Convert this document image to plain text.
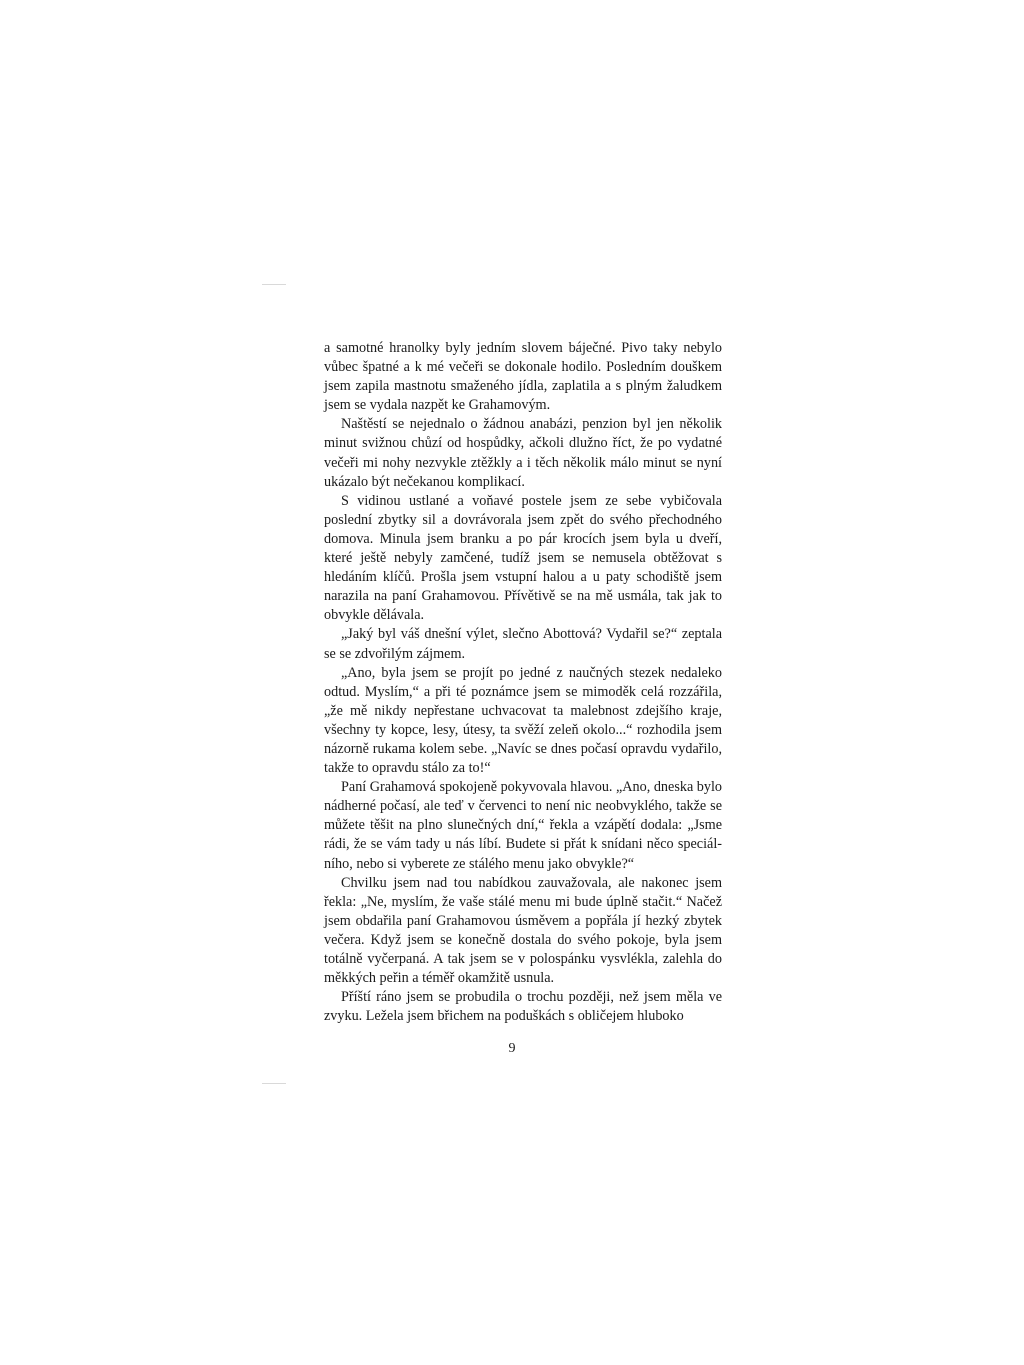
a samotné hranolky byly jedním slovem báječné. Pivo taky nebylo vůbec špatné a k mé večeři se dokonale hodilo. Posledním douškem jsem zapila mastnotu smaženého jídla, zaplatila a s plným žaludkem jsem se vydala nazpět ke Grahamovým.

Naštěstí se nejednalo o žádnou anabázi, penzion byl jen několik minut svižnou chůzí od hospůdky, ačkoli dlužno říct, že po vydatné večeři mi nohy nezvykle ztěžkly a i těch několik málo minut se nyní ukázalo být nečekanou komplikací.

S vidinou ustlané a voňavé postele jsem ze sebe vybičovala poslední zbytky sil a dovrávorala jsem zpět do svého přechodného domova. Minula jsem branku a po pár krocích jsem byla u dveří, které ještě nebyly zamčené, tudíž jsem se nemusela obtěžovat s hledáním klíčů. Prošla jsem vstupní halou a u paty schodiště jsem narazila na paní Grahamovou. Přívětivě se na mě usmála, tak jak to obvykle dělávala.

„Jaký byl váš dnešní výlet, slečno Abottová? Vydařil se?“ zeptala se se zdvořilým zájmem.

„Ano, byla jsem se projít po jedné z naučných stezek nedaleko odtud. Myslím,“ a při té poznámce jsem se mimoděk celá rozzářila, „že mě nikdy nepřestane uchvacovat ta malebnost zdejšího kraje, všechny ty kopce, lesy, útesy, ta svěží zeleň okolo...“ rozhodila jsem názorně rukama kolem sebe. „Navíc se dnes počasí opravdu vydařilo, takže to opravdu stálo za to!“

Paní Grahamová spokojeně pokyvovala hlavou. „Ano, dneska bylo nádherné počasí, ale teď v červenci to není nic neobvyklého, takže se můžete těšit na plno slunečných dní,“ řekla a vzápětí dodala: „Jsme rádi, že se vám tady u nás líbí. Budete si přát k snídani něco speciálního, nebo si vyberete ze stálého menu jako obvykle?“

Chvilku jsem nad tou nabídkou zauvažovala, ale nakonec jsem řekla: „Ne, myslím, že vaše stálé menu mi bude úplně stačit.“ Načež jsem obdařila paní Grahamovou úsměvem a popřála jí hezký zbytek večera. Když jsem se konečně dostala do svého pokoje, byla jsem totálně vyčerpaná. A tak jsem se v polospánku vysvlékla, zalehla do měkkých peřin a téměř okamžitě usnula.

Příští ráno jsem se probudila o trochu později, než jsem měla ve zvyku. Ležela jsem břichem na poduškách s obličejem hluboko

9
